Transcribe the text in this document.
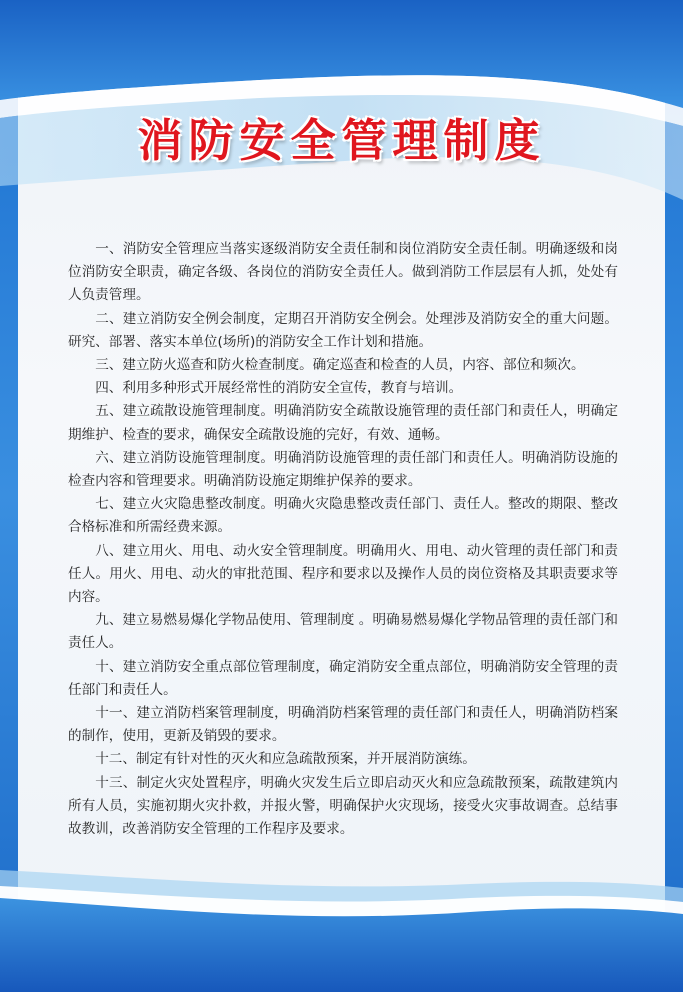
消防安全管理制度

一、消防安全管理应当落实逐级消防安全责任制和岗位消防安全责任制。明确逐级和岗位消防安全职责，确定各级、各岗位的消防安全责任人。做到消防工作层层有人抓，处处有人负责管理。

二、建立消防安全例会制度，定期召开消防安全例会。处理涉及消防安全的重大问题。研究、部署、落实本单位(场所)的消防安全工作计划和措施。

三、建立防火巡查和防火检查制度。确定巡查和检查的人员，内容、部位和频次。

四、利用多种形式开展经常性的消防安全宣传，教育与培训。

五、建立疏散设施管理制度。明确消防安全疏散设施管理的责任部门和责任人，明确定期维护、检查的要求，确保安全疏散设施的完好，有效、通畅。

六、建立消防设施管理制度。明确消防设施管理的责任部门和责任人。明确消防设施的检查内容和管理要求。明确消防设施定期维护保养的要求。

七、建立火灾隐患整改制度。明确火灾隐患整改责任部门、责任人。整改的期限、整改合格标准和所需经费来源。

八、建立用火、用电、动火安全管理制度。明确用火、用电、动火管理的责任部门和责任人。用火、用电、动火的审批范围、程序和要求以及操作人员的岗位资格及其职责要求等内容。

九、建立易燃易爆化学物品使用、管理制度 。明确易燃易爆化学物品管理的责任部门和责任人。

十、建立消防安全重点部位管理制度，确定消防安全重点部位，明确消防安全管理的责任部门和责任人。

十一、建立消防档案管理制度，明确消防档案管理的责任部门和责任人，明确消防档案的制作，使用，更新及销毁的要求。

十二、制定有针对性的灭火和应急疏散预案，并开展消防演练。

十三、制定火灾处置程序，明确火灾发生后立即启动灭火和应急疏散预案，疏散建筑内所有人员，实施初期火灾扑救，并报火警，明确保护火灾现场，接受火灾事故调查。总结事故教训，改善消防安全管理的工作程序及要求。
